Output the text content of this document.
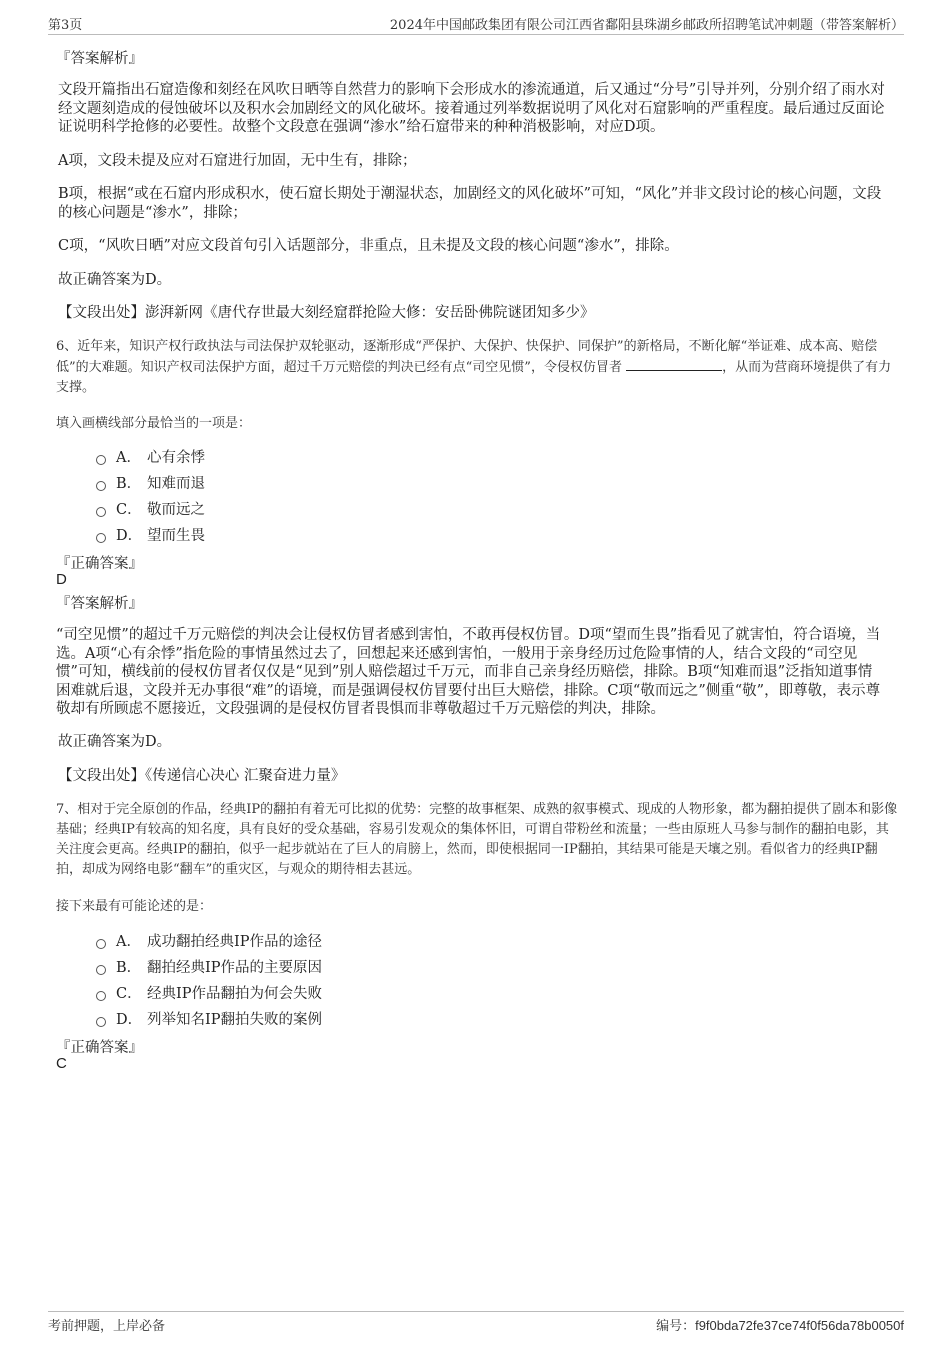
第3页	2024年中国邮政集团有限公司江西省鄱阳县珠湖乡邮政所招聘笔试冲刺题（带答案解析）
『答案解析』
文段开篇指出石窟造像和刻经在风吹日晒等自然营力的影响下会形成水的渗流通道，后又通过“分号”引导并列，分别介绍了雨水对经文题刻造成的侵蚀破坏以及积水会加剧经文的风化破坏。接着通过列举数据说明了风化对石窟影响的严重程度。最后通过反面论证说明科学抢修的必要性。故整个文段意在强调“渗水”给石窟带来的种种消极影响，对应D项。
A项，文段未提及应对石窟进行加固，无中生有，排除；
B项，根据“或在石窟内形成积水，使石窟长期处于潮湿状态，加剧经文的风化破坏”可知，“风化”并非文段讨论的核心问题，文段的核心问题是“渗水”，排除；
C项，“风吹日晒”对应文段首句引入话题部分，非重点，且未提及文段的核心问题“渗水”，排除。
故正确答案为D。
【文段出处】澎湃新网《唐代存世最大刻经窟群抢险大修：安岳卧佛院谜团知多少》
6、近年来，知识产权行政执法与司法保护双轮驱动，逐渐形成“严保护、大保护、快保护、同保护”的新格局，不断化解“举证难、成本高、赔偿低”的大难题。知识产权司法保护方面，超过千万元赔偿的判决已经有点“司空见惯”，令侵权仿冒者	，从而为营商环境提供了有力支撑。
填入画横线部分最恰当的一项是：
A． 心有余悸
B． 知难而退
C． 敬而远之
D． 望而生畏
『正确答案』
D
『答案解析』
“司空见惯”的超过千万元赔偿的判决会让侵权仿冒者感到害怕，不敢再侵权仿冒。D项“望而生畏”指看见了就害怕，符合语境，当选。A项“心有余悸”指危险的事情虽然过去了，回想起来还感到害怕，一般用于亲身经历过危险事情的人，结合文段的“司空见惯”可知，横线前的侵权仿冒者仅仅是“见到”别人赔偿超过千万元，而非自己亲身经历赔偿，排除。B项“知难而退”泛指知道事情困难就后退，文段并无办事很“难”的语境，而是强调侵权仿冒要付出巨大赔偿，排除。C项“敬而远之”侧重“敬”，即尊敬，表示尊敬却有所顾虑不愿接近，文段强调的是侵权仿冒者畏惧而非尊敬超过千万元赔偿的判决，排除。
故正确答案为D。
【文段出处】《传递信心决心 汇聚奋进力量》
7、相对于完全原创的作品，经典IP的翻拍有着无可比拟的优势：完整的故事框架、成熟的叙事模式、现成的人物形象，都为翻拍提供了剧本和影像基础；经典IP有较高的知名度，具有良好的受众基础，容易引发观众的集体怀旧，可谓自带粉丝和流量；一些由原班人马参与制作的翻拍电影，其关注度会更高。经典IP的翻拍，似乎一起步就站在了巨人的肩膀上，然而，即使根据同一IP翻拍，其结果可能是天壤之别。看似省力的经典IP翻拍，却成为网络电影“翻车”的重灾区，与观众的期待相去甚远。
接下来最有可能论述的是：
A． 成功翻拍经典IP作品的途径
B． 翻拍经典IP作品的主要原因
C． 经典IP作品翻拍为何会失败
D． 列举知名IP翻拍失败的案例
『正确答案』
C
考前押题，上岸必备	编号：f9f0bda72fe37ce74f0f56da78b0050f
